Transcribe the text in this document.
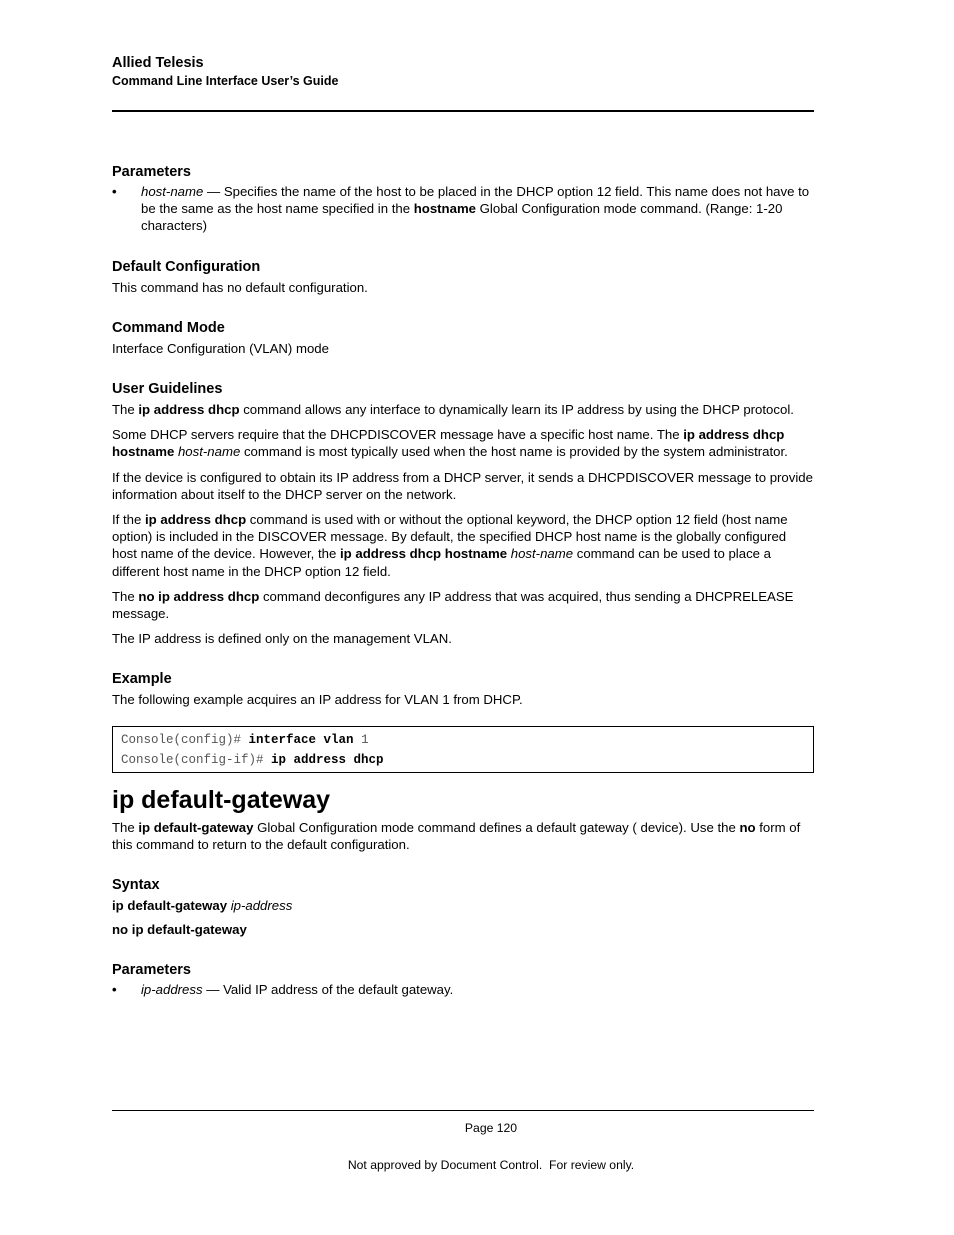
Allied Telesis
Command Line Interface User’s Guide
Parameters
• host-name — Specifies the name of the host to be placed in the DHCP option 12 field. This name does not have to be the same as the host name specified in the hostname Global Configuration mode command. (Range: 1-20 characters)
Default Configuration

This command has no default configuration.

Command Mode

Interface Configuration (VLAN) mode

User Guidelines

The ip address dhcp command allows any interface to dynamically learn its IP address by using the DHCP protocol.

Some DHCP servers require that the DHCPDISCOVER message have a specific host name. The ip address dhcp hostname host-name command is most typically used when the host name is provided by the system administrator.

If the device is configured to obtain its IP address from a DHCP server, it sends a DHCPDISCOVER message to provide information about itself to the DHCP server on the network.

If the ip address dhcp command is used with or without the optional keyword, the DHCP option 12 field (host name option) is included in the DISCOVER message. By default, the specified DHCP host name is the globally configured host name of the device. However, the ip address dhcp hostname host-name command can be used to place a different host name in the DHCP option 12 field.

The no ip address dhcp command deconfigures any IP address that was acquired, thus sending a DHCPRELEASE message.

The IP address is defined only on the management VLAN.

Example

The following example acquires an IP address for VLAN 1 from DHCP.

Console(config)# interface vlan 1
Console(config-if)# ip address dhcp
ip default-gateway

The ip default-gateway Global Configuration mode command defines a default gateway ( device). Use the no form of this command to return to the default configuration.

Syntax

ip default-gateway ip-address

no ip default-gateway

Parameters
• ip-address — Valid IP address of the default gateway.
Page 120
Not approved by Document Control.  For review only.
